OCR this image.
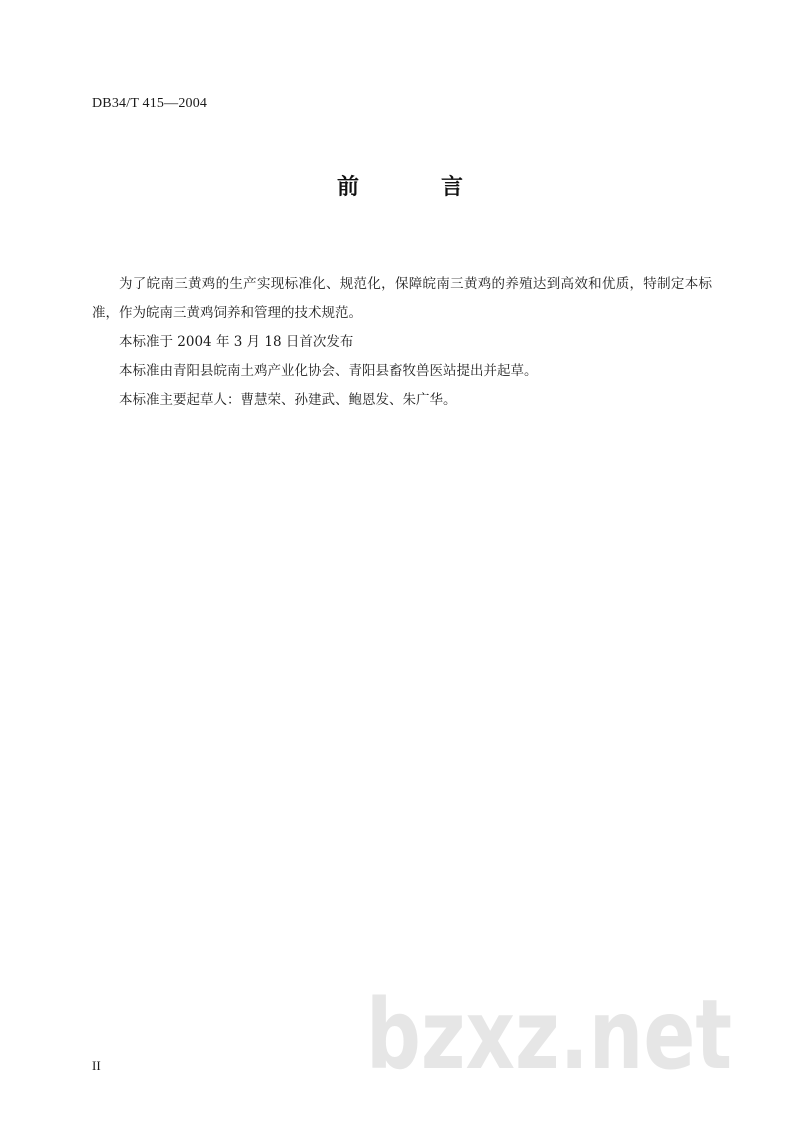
DB34/T 415—2004
前　言

为了皖南三黄鸡的生产实现标准化、规范化，保障皖南三黄鸡的养殖达到高效和优质，特制定本标准，作为皖南三黄鸡饲养和管理的技术规范。

本标准于 2004 年 3 月 18 日首次发布

本标准由青阳县皖南土鸡产业化协会、青阳县畜牧兽医站提出并起草。

本标准主要起草人：曹慧荣、孙建武、鲍恩发、朱广华。

bzxz.net
II
